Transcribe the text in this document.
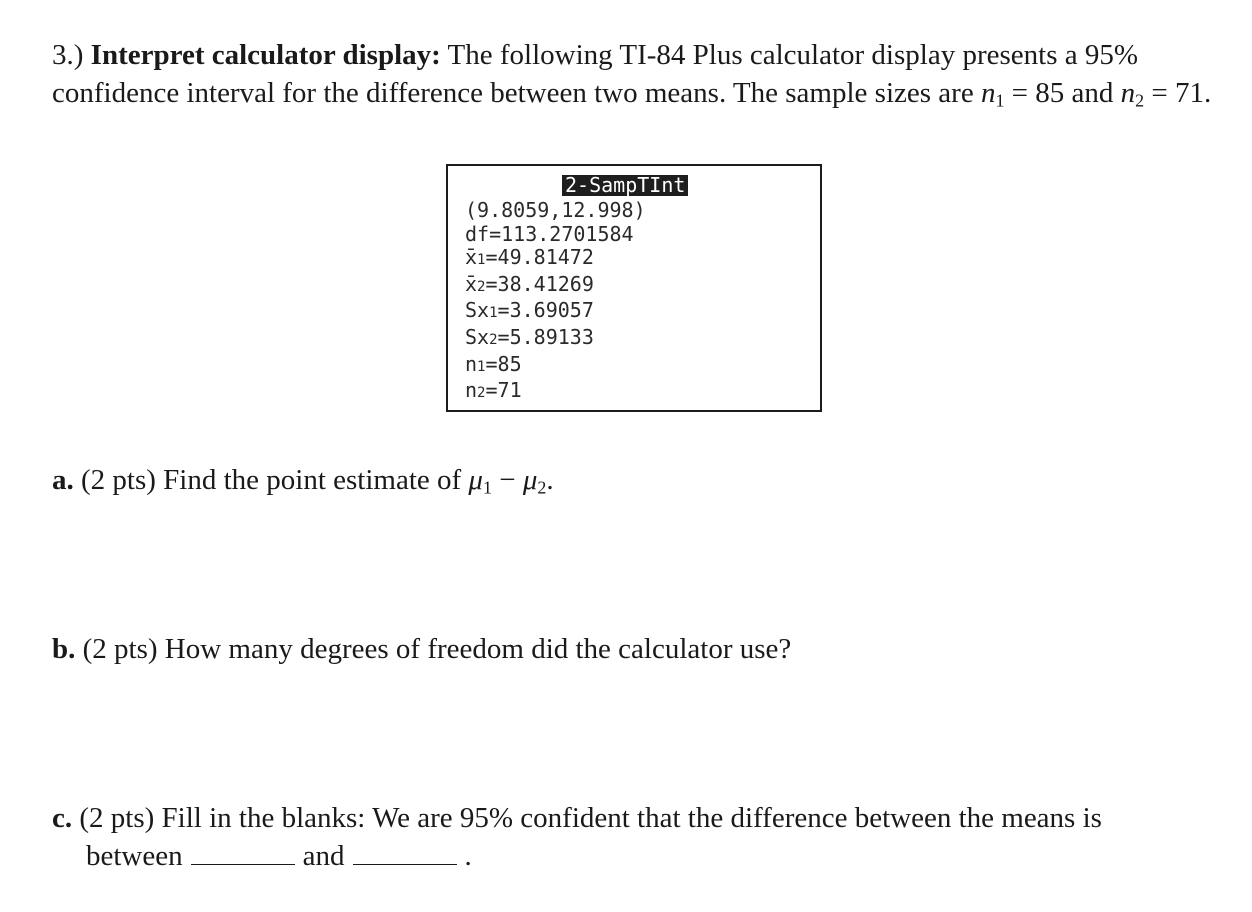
3.) Interpret calculator display: The following TI-84 Plus calculator display presents a 95% confidence interval for the difference between two means. The sample sizes are $n_1 = 85$ and $n_2 = 71$.
2-SampTInt
(9.8059,12.998)
df=113.2701584
x̄1=49.81472
x̄2=38.41269
Sx1=3.69057
Sx2=5.89133
n1=85
n2=71
a. (2 pts) Find the point estimate of $\mu_1 - \mu_2$.
b. (2 pts) How many degrees of freedom did the calculator use?
c. (2 pts) Fill in the blanks: We are 95% confident that the difference between the means is
between	and	.
